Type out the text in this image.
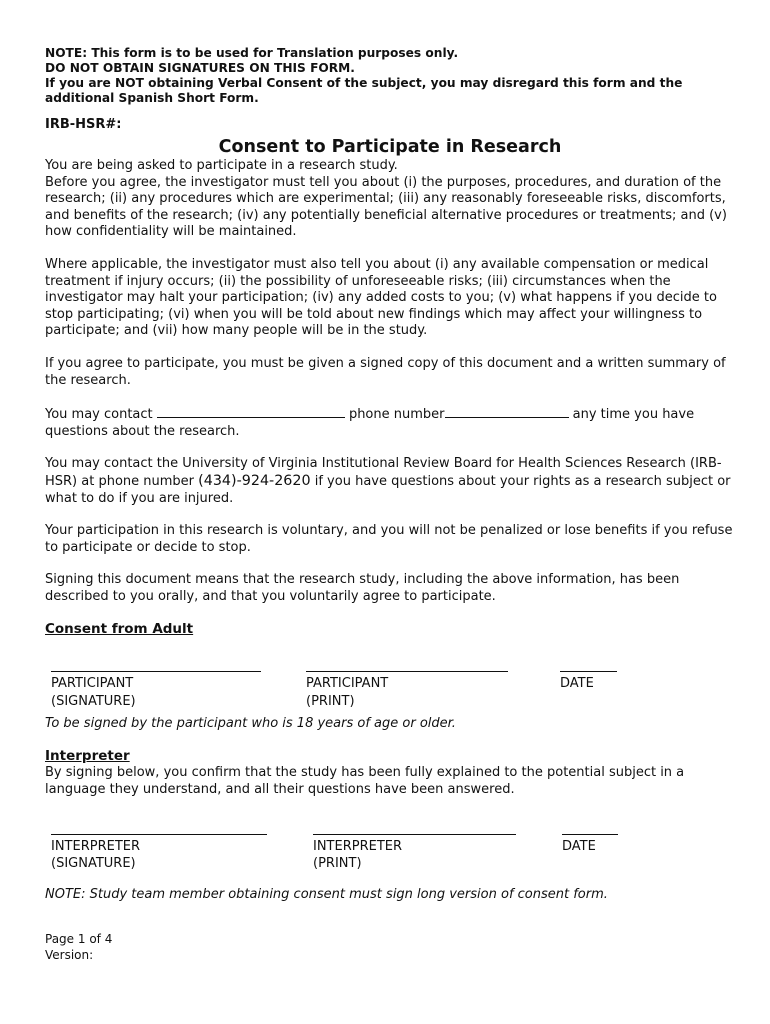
NOTE: This form is to be used for Translation purposes only.
DO NOT OBTAIN SIGNATURES ON THIS FORM.
If you are NOT obtaining Verbal Consent of the subject, you may disregard this form and the additional Spanish Short Form.
IRB-HSR#:
Consent to Participate in Research

You are being asked to participate in a research study.

Before you agree, the investigator must tell you about (i) the purposes, procedures, and duration of the research; (ii) any procedures which are experimental; (iii) any reasonably foreseeable risks, discomforts, and benefits of the research; (iv) any potentially beneficial alternative procedures or treatments; and (v) how confidentiality will be maintained.

Where applicable, the investigator must also tell you about (i) any available compensation or medical treatment if injury occurs; (ii) the possibility of unforeseeable risks; (iii) circumstances when the investigator may halt your participation; (iv) any added costs to you; (v) what happens if you decide to stop participating; (vi) when you will be told about new findings which may affect your willingness to participate; and (vii) how many people will be in the study.

If you agree to participate, you must be given a signed copy of this document and a written summary of the research.

You may contact	phone number	any time you have questions about the research.

You may contact the University of Virginia Institutional Review Board for Health Sciences Research (IRB-HSR) at phone number (434)-924-2620 if you have questions about your rights as a research subject or what to do if you are injured.

Your participation in this research is voluntary, and you will not be penalized or lose benefits if you refuse to participate or decide to stop.

Signing this document means that the research study, including the above information, has been described to you orally, and that you voluntarily agree to participate.

Consent from Adult
PARTICIPANT
(SIGNATURE)
PARTICIPANT
(PRINT)
DATE
To be signed by the participant who is 18 years of age or older.
Interpreter

By signing below, you confirm that the study has been fully explained to the potential subject in a language they understand, and all their questions have been answered.

INTERPRETER
(SIGNATURE)
INTERPRETER
(PRINT)
DATE
NOTE: Study team member obtaining consent must sign long version of consent form.
Page 1 of 4
Version:
